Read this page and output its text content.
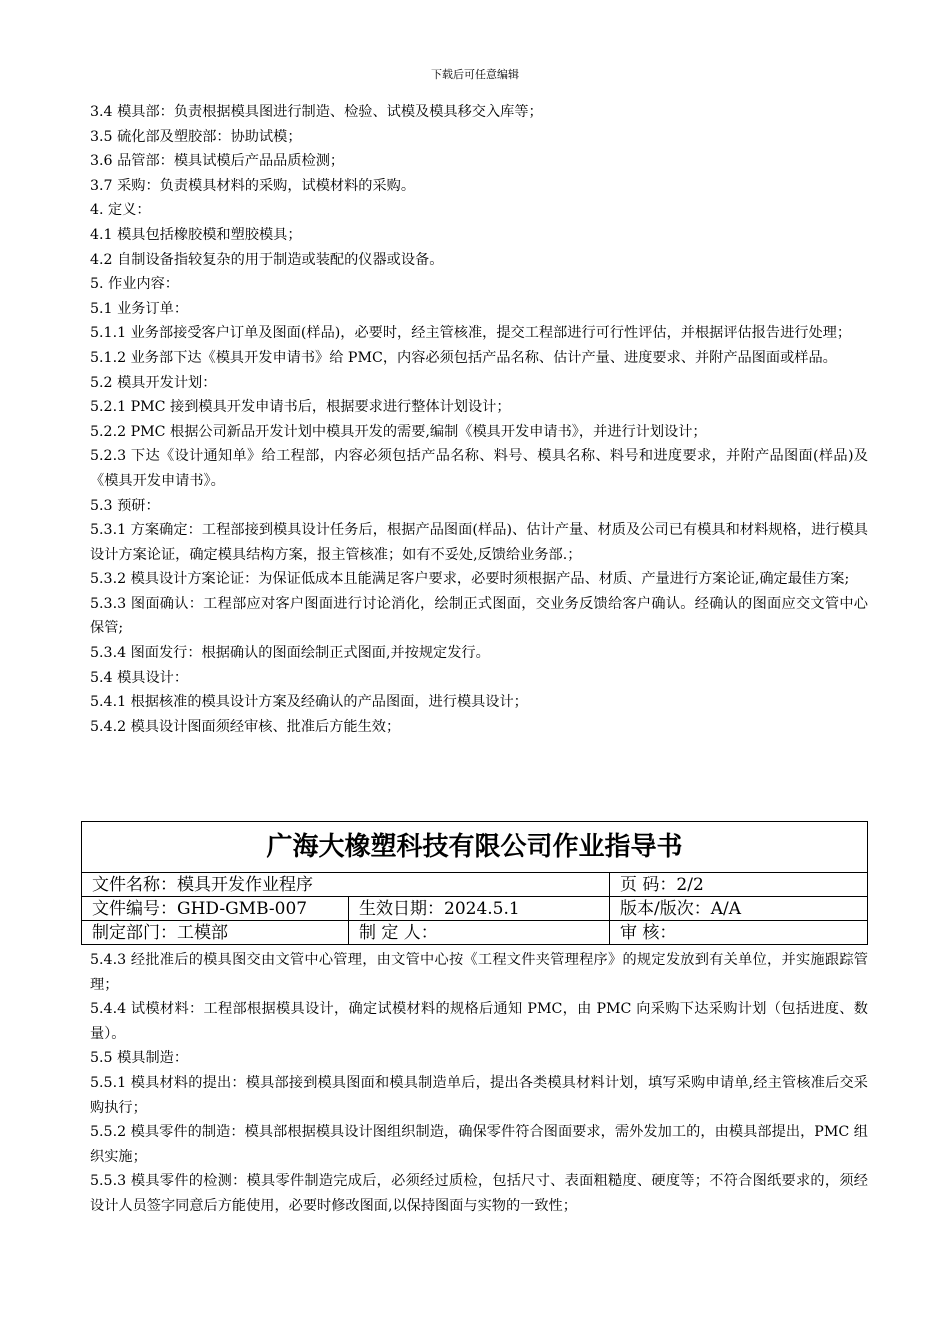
下载后可任意编辑

3.4 模具部：负责根据模具图进行制造、检验、试模及模具移交入库等；

3.5 硫化部及塑胶部：协助试模；

3.6 品管部：模具试模后产品品质检测；

3.7 采购：负责模具材料的采购，试模材料的采购。

4. 定义：

4.1 模具包括橡胶模和塑胶模具；

4.2 自制设备指较复杂的用于制造或装配的仪器或设备。

5. 作业内容：

5.1 业务订单：

5.1.1 业务部接受客户订单及图面(样品)，必要时，经主管核准，提交工程部进行可行性评估，并根据评估报告进行处理；

5.1.2 业务部下达《模具开发申请书》给 PMC，内容必须包括产品名称、估计产量、进度要求、并附产品图面或样品。

5.2 模具开发计划：

5.2.1 PMC 接到模具开发申请书后，根据要求进行整体计划设计；

5.2.2 PMC 根据公司新品开发计划中模具开发的需要,编制《模具开发申请书》，并进行计划设计；

5.2.3 下达《设计通知单》给工程部，内容必须包括产品名称、料号、模具名称、料号和进度要求，并附产品图面(样品)及《模具开发申请书》。

5.3 预研：

5.3.1 方案确定：工程部接到模具设计任务后，根据产品图面(样品)、估计产量、材质及公司已有模具和材料规格，进行模具设计方案论证，确定模具结构方案，报主管核准；如有不妥处,反馈给业务部.；

5.3.2 模具设计方案论证：为保证低成本且能满足客户要求，必要时须根据产品、材质、产量进行方案论证,确定最佳方案;

5.3.3 图面确认：工程部应对客户图面进行讨论消化，绘制正式图面，交业务反馈给客户确认。经确认的图面应交文管中心保管;

5.3.4 图面发行：根据确认的图面绘制正式图面,并按规定发行。

5.4 模具设计：

5.4.1 根据核准的模具设计方案及经确认的产品图面，进行模具设计；

5.4.2 模具设计图面须经审核、批准后方能生效；

广海大橡塑科技有限公司作业指导书		
文件名称：模具开发作业程序		页 码：2/2
文件编号：GHD-GMB-007	生效日期：2024.5.1	版本/版次：A/A
制定部门：工模部	制 定 人：	审 核：

5.4.3 经批准后的模具图交由文管中心管理，由文管中心按《工程文件夹管理程序》的规定发放到有关单位，并实施跟踪管理；

5.4.4 试模材料：工程部根据模具设计，确定试模材料的规格后通知 PMC，由 PMC 向采购下达采购计划（包括进度、数量）。

5.5 模具制造：

5.5.1 模具材料的提出：模具部接到模具图面和模具制造单后，提出各类模具材料计划，填写采购申请单,经主管核准后交采购执行；

5.5.2 模具零件的制造：模具部根据模具设计图组织制造，确保零件符合图面要求，需外发加工的，由模具部提出，PMC 组织实施；

5.5.3 模具零件的检测：模具零件制造完成后，必须经过质检，包括尺寸、表面粗糙度、硬度等；不符合图纸要求的，须经设计人员签字同意后方能使用，必要时修改图面,以保持图面与实物的一致性；
